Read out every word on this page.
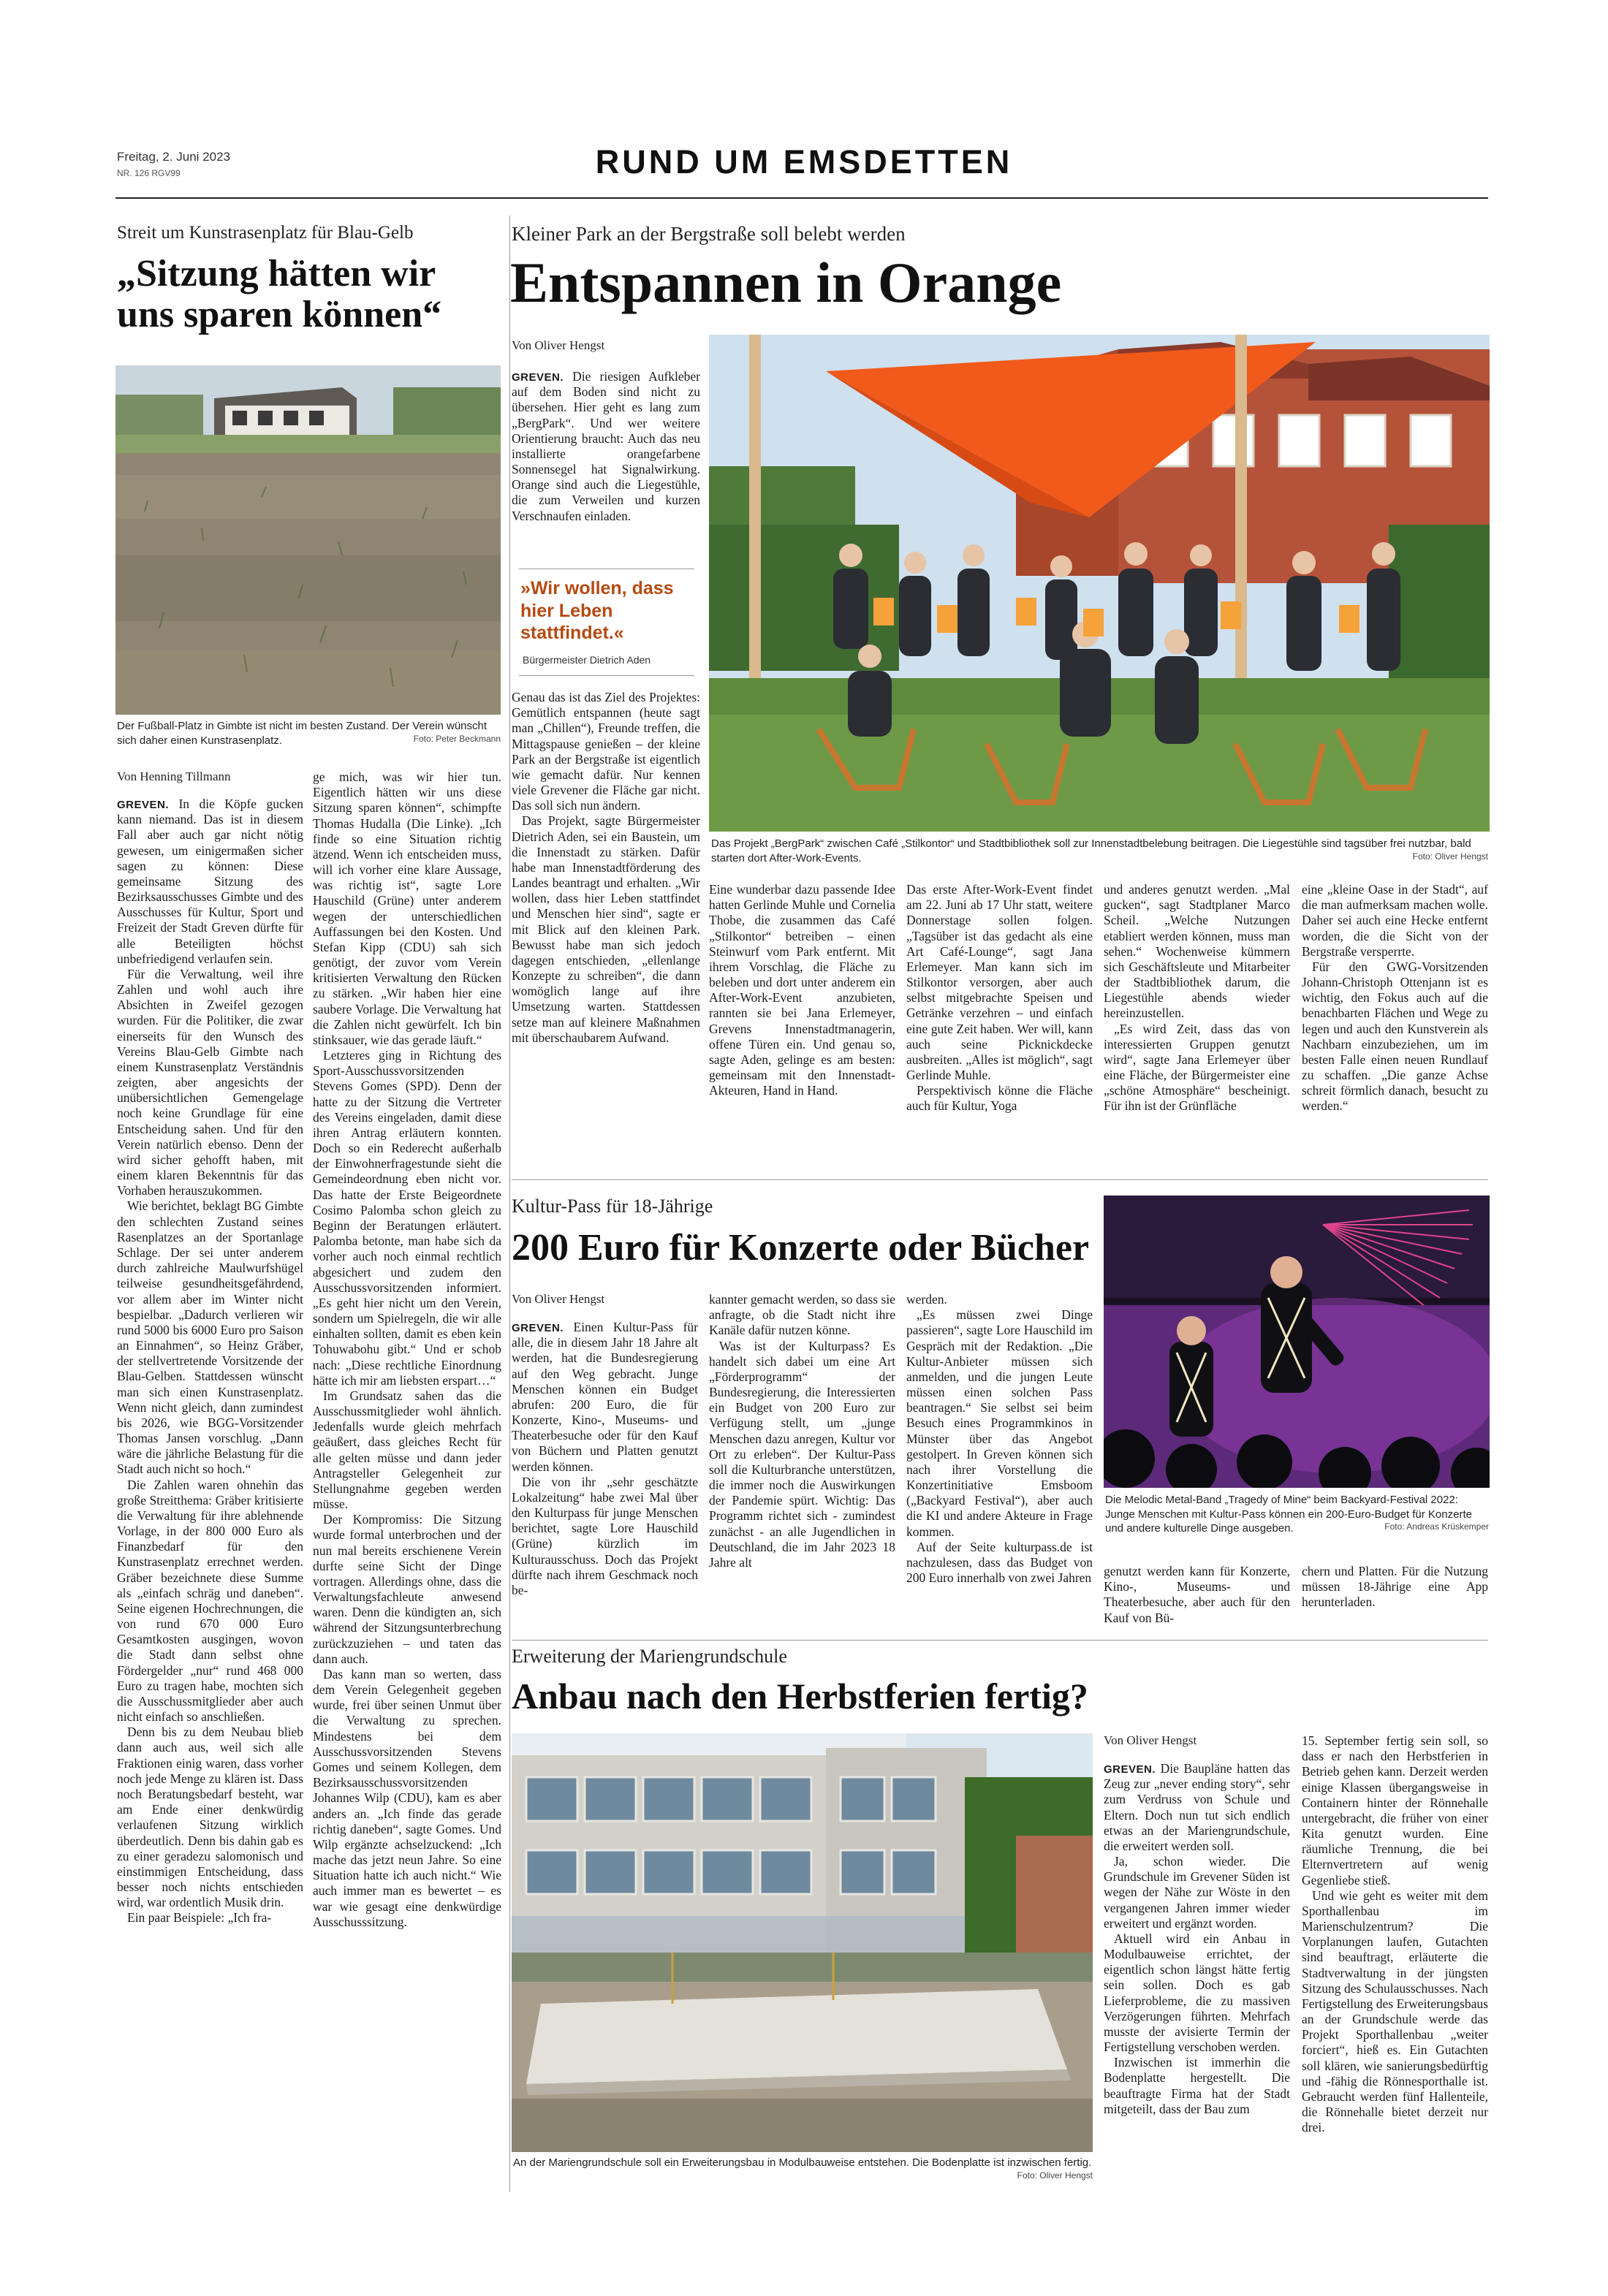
Freitag, 2. Juni 2023
NR. 126 RGV99	RUND UM EMSDETTEN
Streit um Kunstrasenplatz für Blau-Gelb
„Sitzung hätten wir
uns sparen können“
Der Fußball-Platz in Gimbte ist nicht im besten Zustand. Der Verein wünscht sich daher einen Kunstrasenplatz.	Foto: Peter Beckmann
Von Henning Tillmann

GREVEN. In die Köpfe gucken kann niemand. Das ist in diesem Fall aber auch gar nicht nötig gewesen, um einigermaßen sicher sagen zu können: Diese gemeinsame Sitzung des Bezirksausschusses Gimbte und des Ausschusses für Kultur, Sport und Freizeit der Stadt Greven dürfte für alle Beteiligten höchst unbefriedigend verlaufen sein.

Für die Verwaltung, weil ihre Zahlen und wohl auch ihre Absichten in Zweifel gezogen wurden. Für die Politiker, die zwar einerseits für den Wunsch des Vereins Blau-Gelb Gimbte nach einem Kunstrasenplatz Verständnis zeigten, aber angesichts der unübersichtlichen Gemengelage noch keine Grundlage für eine Entscheidung sahen. Und für den Verein natürlich ebenso. Denn der wird sicher gehofft haben, mit einem klaren Bekenntnis für das Vorhaben herauszukommen.

Wie berichtet, beklagt BG Gimbte den schlechten Zustand seines Rasenplatzes an der Sportanlage Schlage. Der sei unter anderem durch zahlreiche Maulwurfshügel teilweise gesundheitsgefährdend, vor allem aber im Winter nicht bespielbar. „Dadurch verlieren wir rund 5000 bis 6000 Euro pro Saison an Einnahmen“, so Heinz Gräber, der stellvertretende Vorsitzende der Blau-Gelben. Stattdessen wünscht man sich einen Kunstrasenplatz. Wenn nicht gleich, dann zumindest bis 2026, wie BGG-Vorsitzender Thomas Jansen vorschlug. „Dann wäre die jährliche Belastung für die Stadt auch nicht so hoch.“

Die Zahlen waren ohnehin das große Streitthema: Gräber kritisierte die Verwaltung für ihre ablehnende Vorlage, in der 800 000 Euro als Finanzbedarf für den Kunstrasenplatz errechnet werden. Gräber bezeichnete diese Summe als „einfach schräg und daneben“. Seine eigenen Hochrechnungen, die von rund 670 000 Euro Gesamtkosten ausgingen, wovon die Stadt dann selbst ohne Fördergelder „nur“ rund 468 000 Euro zu tragen habe, mochten sich die Ausschussmitglieder aber auch nicht einfach so anschließen.

Denn bis zu dem Neubau blieb dann auch aus, weil sich alle Fraktionen einig waren, dass vorher noch jede Menge zu klären ist. Dass noch Beratungsbedarf besteht, war am Ende einer denkwürdig verlaufenen Sitzung wirklich überdeutlich. Denn bis dahin gab es zu einer geradezu salomonisch und einstimmigen Entscheidung, dass besser noch nichts entschieden wird, war ordentlich Musik drin.

Ein paar Beispiele: „Ich fra-

ge mich, was wir hier tun. Eigentlich hätten wir uns diese Sitzung sparen können“, schimpfte Thomas Hudalla (Die Linke). „Ich finde so eine Situation richtig ätzend. Wenn ich entscheiden muss, will ich vorher eine klare Aussage, was richtig ist“, sagte Lore Hauschild (Grüne) unter anderem wegen der unterschiedlichen Auffassungen bei den Kosten. Und Stefan Kipp (CDU) sah sich genötigt, der zuvor vom Verein kritisierten Verwaltung den Rücken zu stärken. „Wir haben hier eine saubere Vorlage. Die Verwaltung hat die Zahlen nicht gewürfelt. Ich bin stinksauer, wie das gerade läuft.“

Letzteres ging in Richtung des Sport-Ausschussvorsitzenden Stevens Gomes (SPD). Denn der hatte zu der Sitzung die Vertreter des Vereins eingeladen, damit diese ihren Antrag erläutern konnten. Doch so ein Rederecht außerhalb der Einwohnerfragestunde sieht die Gemeindeordnung eben nicht vor. Das hatte der Erste Beigeordnete Cosimo Palomba schon gleich zu Beginn der Beratungen erläutert. Palomba betonte, man habe sich da vorher auch noch einmal rechtlich abgesichert und zudem den Ausschussvorsitzenden informiert. „Es geht hier nicht um den Verein, sondern um Spielregeln, die wir alle einhalten sollten, damit es eben kein Tohuwabohu gibt.“ Und er schob nach: „Diese rechtliche Einordnung hätte ich mir am liebsten erspart…“

Im Grundsatz sahen das die Ausschussmitglieder wohl ähnlich. Jedenfalls wurde gleich mehrfach geäußert, dass gleiches Recht für alle gelten müsse und dann jeder Antragsteller Gelegenheit zur Stellungnahme gegeben werden müsse.

Der Kompromiss: Die Sitzung wurde formal unterbrochen und der nun mal bereits erschienene Verein durfte seine Sicht der Dinge vortragen. Allerdings ohne, dass die Verwaltungsfachleute anwesend waren. Denn die kündigten an, sich während der Sitzungsunterbrechung zurückzuziehen – und taten das dann auch.

Das kann man so werten, dass dem Verein Gelegenheit gegeben wurde, frei über seinen Unmut über die Verwaltung zu sprechen. Mindestens bei dem Ausschussvorsitzenden Stevens Gomes und seinem Kollegen, dem Bezirksausschussvorsitzenden Johannes Wilp (CDU), kam es aber anders an. „Ich finde das gerade richtig daneben“, sagte Gomes. Und Wilp ergänzte achselzuckend: „Ich mache das jetzt neun Jahre. So eine Situation hatte ich auch nicht.“ Wie auch immer man es bewertet – es war wie gesagt eine denkwürdige Ausschusssitzung.

Kleiner Park an der Bergstraße soll belebt werden
Entspannen in Orange
Von Oliver Hengst

GREVEN. Die riesigen Aufkleber auf dem Boden sind nicht zu übersehen. Hier geht es lang zum „BergPark“. Und wer weitere Orientierung braucht: Auch das neu installierte orangefarbene Sonnensegel hat Signalwirkung. Orange sind auch die Liegestühle, die zum Verweilen und kurzen Verschnaufen einladen.

»Wir wollen, dass hier Leben stattfindet.«
Bürgermeister Dietrich Aden

Genau das ist das Ziel des Projektes: Gemütlich entspannen (heute sagt man „Chillen“), Freunde treffen, die Mittagspause genießen – der kleine Park an der Bergstraße ist eigentlich wie gemacht dafür. Nur kennen viele Grevener die Fläche gar nicht. Das soll sich nun ändern.

Das Projekt, sagte Bürgermeister Dietrich Aden, sei ein Baustein, um die Innenstadt zu stärken. Dafür habe man Innenstadtförderung des Landes beantragt und erhalten. „Wir wollen, dass hier Leben stattfindet und Menschen hier sind“, sagte er mit Blick auf den kleinen Park. Bewusst habe man sich jedoch dagegen entschieden, „ellenlange Konzepte zu schreiben“, die dann womöglich lange auf ihre Umsetzung warten. Stattdessen setze man auf kleinere Maßnahmen mit überschaubarem Aufwand.

Das Projekt „BergPark“ zwischen Café „Stilkontor“ und Stadtbibliothek soll zur Innenstadtbelebung beitragen. Die Liegestühle sind tagsüber frei nutzbar, bald starten dort After-Work-Events.	Foto: Oliver Hengst

Eine wunderbar dazu passende Idee hatten Gerlinde Muhle und Cornelia Thobe, die zusammen das Café „Stilkontor“ betreiben – einen Steinwurf vom Park entfernt. Mit ihrem Vorschlag, die Fläche zu beleben und dort unter anderem ein After-Work-Event anzubieten, rannten sie bei Jana Erlemeyer, Grevens Innenstadtmanagerin, offene Türen ein. Und genau so, sagte Aden, gelinge es am besten: gemeinsam mit den Innenstadt-Akteuren, Hand in Hand.

Das erste After-Work-Event findet am 22. Juni ab 17 Uhr statt, weitere Donnerstage sollen folgen. „Tagsüber ist das gedacht als eine Art Café-Lounge“, sagt Jana Erlemeyer. Man kann sich im Stilkontor versorgen, aber auch selbst mitgebrachte Speisen und Getränke verzehren – und einfach eine gute Zeit haben. Wer will, kann auch seine Picknickdecke ausbreiten. „Alles ist möglich“, sagt Gerlinde Muhle.

Perspektivisch könne die Fläche auch für Kultur, Yoga

und anderes genutzt werden. „Mal gucken“, sagt Stadtplaner Marco Scheil. „Welche Nutzungen etabliert werden können, muss man sehen.“ Wochenweise kümmern sich Geschäftsleute und Mitarbeiter der Stadtbibliothek darum, die Liegestühle abends wieder hereinzustellen.

„Es wird Zeit, dass das von interessierten Gruppen genutzt wird“, sagte Jana Erlemeyer über eine Fläche, der Bürgermeister eine „schöne Atmosphäre“ bescheinigt. Für ihn ist der Grünfläche

eine „kleine Oase in der Stadt“, auf die man aufmerksam machen wolle. Daher sei auch eine Hecke entfernt worden, die die Sicht von der Bergstraße versperrte.

Für den GWG-Vorsitzenden Johann-Christoph Ottenjann ist es wichtig, den Fokus auch auf die benachbarten Flächen und Wege zu legen und auch den Kunstverein als Nachbarn einzubeziehen, um im besten Falle einen neuen Rundlauf zu schaffen. „Die ganze Achse schreit förmlich danach, besucht zu werden.“

Kultur-Pass für 18-Jährige
200 Euro für Konzerte oder Bücher
Von Oliver Hengst

GREVEN. Einen Kultur-Pass für alle, die in diesem Jahr 18 Jahre alt werden, hat die Bundesregierung auf den Weg gebracht. Junge Menschen können ein Budget abrufen: 200 Euro, die für Konzerte, Kino-, Museums- und Theaterbesuche oder für den Kauf von Büchern und Platten genutzt werden können.

Die von ihr „sehr geschätzte Lokalzeitung“ habe zwei Mal über den Kulturpass für junge Menschen berichtet, sagte Lore Hauschild (Grüne) kürzlich im Kulturausschuss. Doch das Projekt dürfte nach ihrem Geschmack noch be-

kannter gemacht werden, so dass sie anfragte, ob die Stadt nicht ihre Kanäle dafür nutzen könne.

Was ist der Kulturpass? Es handelt sich dabei um eine Art „Förderprogramm“ der Bundesregierung, die Interessierten ein Budget von 200 Euro zur Verfügung stellt, um „junge Menschen dazu anregen, Kultur vor Ort zu erleben“. Der Kultur-Pass soll die Kulturbranche unterstützen, die immer noch die Auswirkungen der Pandemie spürt. Wichtig: Das Programm richtet sich - zumindest zunächst - an alle Jugendlichen in Deutschland, die im Jahr 2023 18 Jahre alt

werden.

„Es müssen zwei Dinge passieren“, sagte Lore Hauschild im Gespräch mit der Redaktion. „Die Kultur-Anbieter müssen sich anmelden, und die jungen Leute müssen einen solchen Pass beantragen.“ Sie selbst sei beim Besuch eines Programmkinos in Münster über das Angebot gestolpert. In Greven können sich nach ihrer Vorstellung die Konzertinitiative Emsboom („Backyard Festival“), aber auch die KI und andere Akteure in Frage kommen.

Auf der Seite kulturpass.de ist nachzulesen, dass das Budget von 200 Euro innerhalb von zwei Jahren

Die Melodic Metal-Band „Tragedy of Mine“ beim Backyard-Festival 2022: Junge Menschen mit Kultur-Pass können ein 200-Euro-Budget für Konzerte und andere kulturelle Dinge ausgeben.	Foto: Andreas Krüskemper

genutzt werden kann für Konzerte, Kino-, Museums- und Theaterbesuche, aber auch für den Kauf von Bü-

chern und Platten. Für die Nutzung müssen 18-Jährige eine App herunterladen.

Erweiterung der Mariengrundschule
Anbau nach den Herbstferien fertig?
An der Mariengrundschule soll ein Erweiterungsbau in Modulbauweise entstehen. Die Bodenplatte ist inzwischen fertig.
Foto: Oliver Hengst
Von Oliver Hengst

GREVEN. Die Baupläne hatten das Zeug zur „never ending story“, sehr zum Verdruss von Schule und Eltern. Doch nun tut sich endlich etwas an der Mariengrundschule, die erweitert werden soll.

Ja, schon wieder. Die Grundschule im Grevener Süden ist wegen der Nähe zur Wöste in den vergangenen Jahren immer wieder erweitert und ergänzt worden.

Aktuell wird ein Anbau in Modulbauweise errichtet, der eigentlich schon längst hätte fertig sein sollen. Doch es gab Lieferprobleme, die zu massiven Verzögerungen führten. Mehrfach musste der avisierte Termin der Fertigstellung verschoben werden.

Inzwischen ist immerhin die Bodenplatte hergestellt. Die beauftragte Firma hat der Stadt mitgeteilt, dass der Bau zum

15. September fertig sein soll, so dass er nach den Herbstferien in Betrieb gehen kann. Derzeit werden einige Klassen übergangsweise in Containern hinter der Rönnehalle untergebracht, die früher von einer Kita genutzt wurden. Eine räumliche Trennung, die bei Elternvertretern auf wenig Gegenliebe stieß.

Und wie geht es weiter mit dem Sporthallenbau im Marienschulzentrum? Die Vorplanungen laufen, Gutachten sind beauftragt, erläuterte die Stadtverwaltung in der jüngsten Sitzung des Schulausschusses. Nach Fertigstellung des Erweiterungsbaus an der Grundschule werde das Projekt Sporthallenbau „weiter forciert“, hieß es. Ein Gutachten soll klären, wie sanierungsbedürftig und -fähig die Rönnesporthalle ist. Gebraucht werden fünf Hallenteile, die Rönnehalle bietet derzeit nur drei.
